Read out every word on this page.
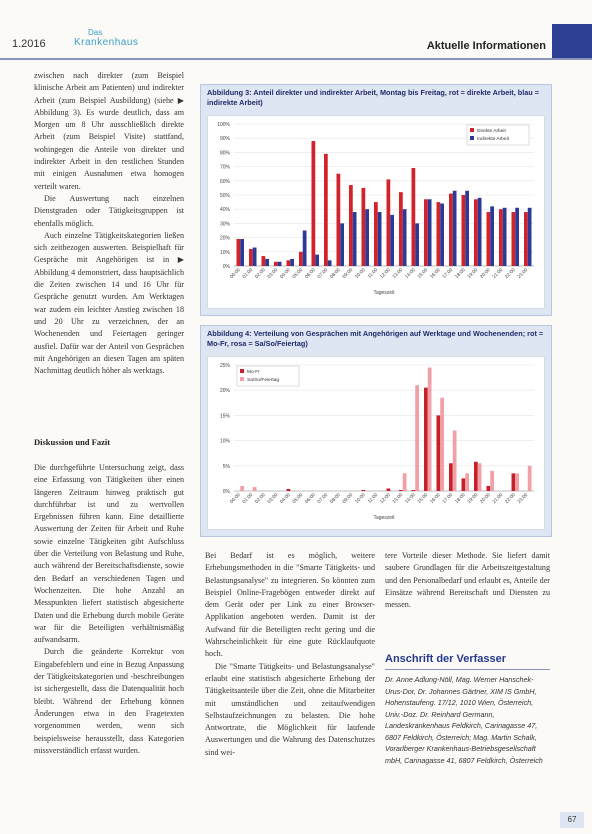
1.2016
Das
Krankenhaus	Aktuelle Informationen

zwischen nach direkter (zum Beispiel klinische Arbeit am Patienten) und indirekter Arbeit (zum Beispiel Ausbildung) (siehe ▶ Abbildung 3). Es wurde deutlich, dass am Morgen um 8 Uhr ausschließlich direkte Arbeit (zum Beispiel Visite) stattfand, wohingegen die Anteile von direkter und indirekter Arbeit in den restlichen Stunden mit einigen Ausnahmen etwa homogen verteilt waren.

Die Auswertung nach einzelnen Dienstgraden oder Tätigkeitsgruppen ist ebenfalls möglich.

Auch einzelne Tätigkeitskategorien ließen sich zeitbezogen auswerten. Beispielhaft für Gespräche mit Angehörigen ist in ▶ Abbildung 4 demonstriert, dass hauptsächlich die Zeiten zwischen 14 und 16 Uhr für Gespräche genutzt wurden. Am Werktagen war zudem ein leichter Anstieg zwischen 18 und 20 Uhr zu verzeichnen, der an Wochenenden und Feiertagen geringer ausfiel. Dafür war der Anteil von Gesprächen mit Angehörigen an diesen Tagen am späten Nachmittag deutlich höher als werktags.

Diskussion und Fazit

Die durchgeführte Untersuchung zeigt, dass eine Erfassung von Tätigkeiten über einen längeren Zeitraum hinweg praktisch gut durchführbar ist und zu wertvollen Ergebnissen führen kann. Eine detaillierte Auswertung der Zeiten für Arbeit und Ruhe sowie einzelne Tätigkeiten gibt Aufschluss über die Verteilung von Belastung und Ruhe, auch während der Bereitschaftsdienste, sowie den Bedarf an verschiedenen Tagen und Wochenzeiten. Die hohe Anzahl an Messpunkten liefert statistisch abgesicherte Daten und die Erhebung durch mobile Geräte war für die Beteiligten verhältnismäßig aufwandsarm.

Durch die geänderte Korrektur von Eingabefehlern und eine in Bezug Anpassung der Tätigkeitskategorien und -beschreibungen ist sichergestellt, dass die Datenqualität hoch bleibt. Während der Erhebung können Änderungen etwa in den Fragetexten vorgenommen werden, wenn sich beispielsweise herausstellt, dass Kategorien missverständlich erfasst wurden.

Abbildung 3: Anteil direkter und indirekter Arbeit, Montag bis Freitag, rot = direkte Arbeit, blau = indirekte Arbeit)
0%
10%
20%
30%
40%
50%
60%
70%
80%
90%
100%
00:00 01:00 02:00 03:00 04:00 05:00 06:00 07:00 08:00 09:00 10:00 11:00 12:00 13:00 14:00 15:00 16:00 17:00 18:00 19:00 20:00 21:00 22:00 23:00
Tageszeit
Direkte Arbeit
Indirekte Arbeit
Abbildung 4: Verteilung von Gesprächen mit Angehörigen auf Werktage und Wochenenden; rot = Mo-Fr, rosa = Sa/So/Feiertag)
0%
5%
10%
15%
20%
25%
00:00 01:00 02:00 03:00 04:00 05:00 06:00 07:00 08:00 09:00 10:00 11:00 12:00 13:00 14:00 15:00 16:00 17:00 18:00 19:00 20:00 21:00 22:00 23:00
Tageszeit
Mo-Fr
Sa/So/Feiertag

Bei Bedarf ist es möglich, weitere Erhebungsmethoden in die "Smarte Tätigkeits- und Belastungsanalyse" zu integrieren. So könnten zum Beispiel Online-Fragebögen entweder direkt auf dem Gerät oder per Link zu einer Browser-Applikation angeboten werden. Damit ist der Aufwand für die Beteiligten recht gering und die Wahrscheinlichkeit für eine gute Rücklaufquote hoch.

Die "Smarte Tätigkeits- und Belastungsanalyse" erlaubt eine statistisch abgesicherte Erhebung der Tätigkeitsanteile über die Zeit, ohne die Mitarbeiter mit umständlichen und zeitaufwendigen Selbstaufzeichnungen zu belasten. Die hohe Antwortrate, die Möglichkeit für laufende Auswertungen und die Wahrung des Datenschutzes sind wei-

tere Vorteile dieser Methode. Sie liefert damit saubere Grundlagen für die Arbeitszeitgestaltung und den Personalbedarf und erlaubt es, Anteile der Einsätze während Bereitschaft und Diensten zu messen.

Anschrift der Verfasser
Dr. Anne Adlung-Nöll, Mag. Werner Hanschek-Urus-Dor, Dr. Johannes Gärtner, XIM IS GmbH, Hohenstaufeng. 17/12, 1010 Wien, Österreich, Univ.-Doz. Dr. Reinhard Germann, Landeskrankenhaus Feldkirch, Carinagasse 47, 6807 Feldkirch, Österreich; Mag. Martin Schalk, Vorarlberger Krankenhaus-Betriebsgesellschaft mbH, Carinagasse 41, 6807 Feldkirch, Österreich
67
